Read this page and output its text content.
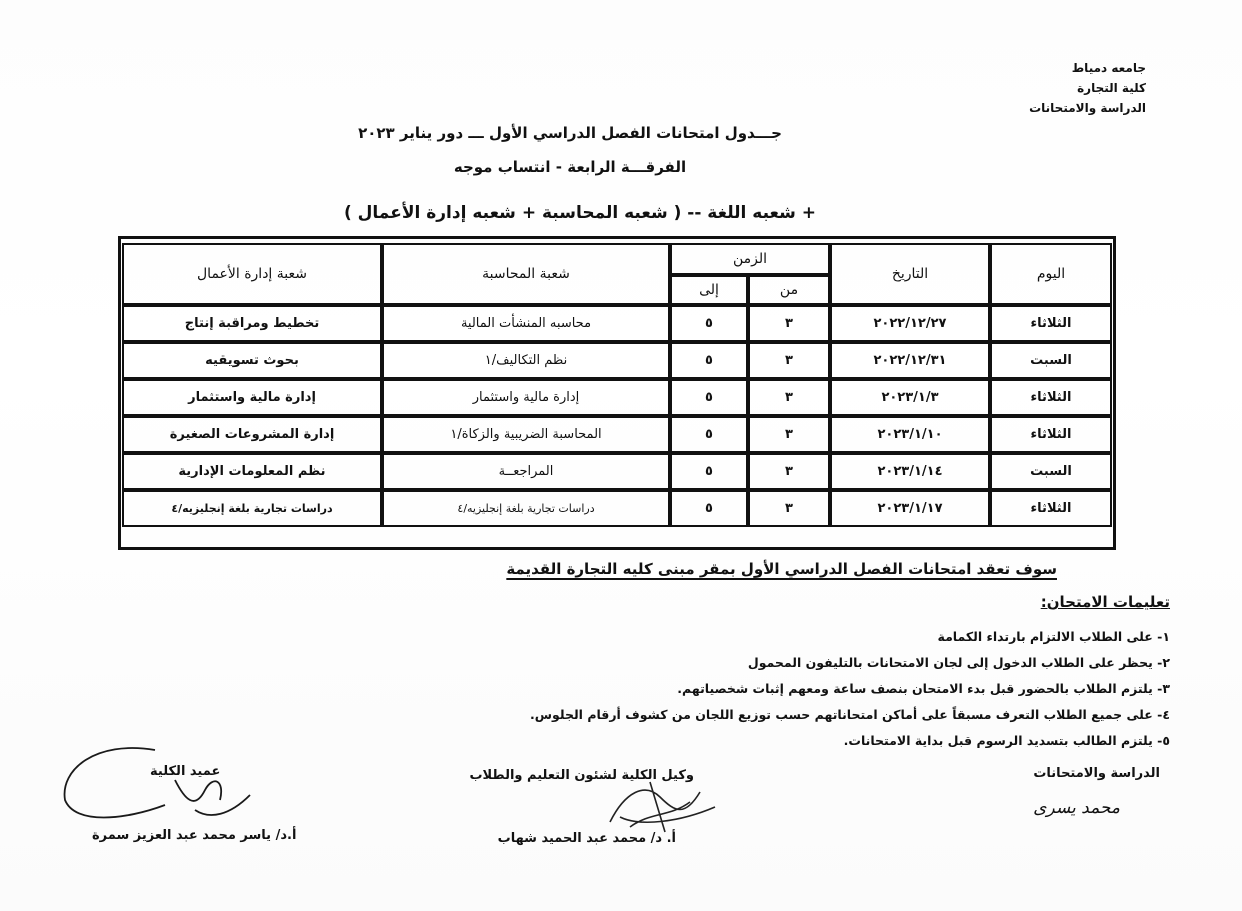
جامعه دمياط
كلية التجارة
الدراسة والامتحانات
جـــدول امتحانات الفصل الدراسي الأول ـــ دور يناير ٢٠٢٣
الفرقـــة الرابعة - انتساب موجه
+ شعبه اللغة -- ( شعبه المحاسبة + شعبه إدارة الأعمال )
اليوم	التاريخ	الزمن		شعبة المحاسبة	شعبة إدارة الأعمال
		من	إلى		
الثلاثاء	٢٠٢٢/١٢/٢٧	٣	٥	محاسبه المنشأت المالية	تخطيط ومراقبة إنتاج
السبت	٢٠٢٢/١٢/٣١	٣	٥	نظم التكاليف/١	بحوث تسويقيه
الثلاثاء	٢٠٢٣/١/٣	٣	٥	إدارة مالية واستثمار	إدارة مالية واستثمار
الثلاثاء	٢٠٢٣/١/١٠	٣	٥	المحاسبة الضريبية والزكاة/١	إدارة المشروعات الصغيرة
السبت	٢٠٢٣/١/١٤	٣	٥	المراجعــة	نظم المعلومات الإدارية
الثلاثاء	٢٠٢٣/١/١٧	٣	٥	دراسات تجارية بلغة إنجليزيه/٤	دراسات تجارية بلغة إنجليزيه/٤
سوف تعقد امتحانات الفصل الدراسي الأول بمقر مبنى كليه التجارة القديمة
تعليمات الامتحان:
١- على الطلاب الالتزام بارتداء الكمامة
٢- يحظر على الطلاب الدخول إلى لجان الامتحانات بالتليفون المحمول
٣- يلتزم الطلاب بالحضور قبل بدء الامتحان بنصف ساعة ومعهم إثبات شخصياتهم.
٤- على جميع الطلاب التعرف مسبقاً على أماكن امتحاناتهم حسب توزيع اللجان من كشوف أرقام الجلوس.
٥- يلتزم الطالب بتسديد الرسوم قبل بداية الامتحانات.
الدراسة والامتحانات
محمد يسرى
وكيل الكلية لشئون التعليم والطلاب
أ. د/ محمد عبد الحميد شهاب
عميد الكلية
أ.د/ ياسر محمد عبد العزيز سمرة
